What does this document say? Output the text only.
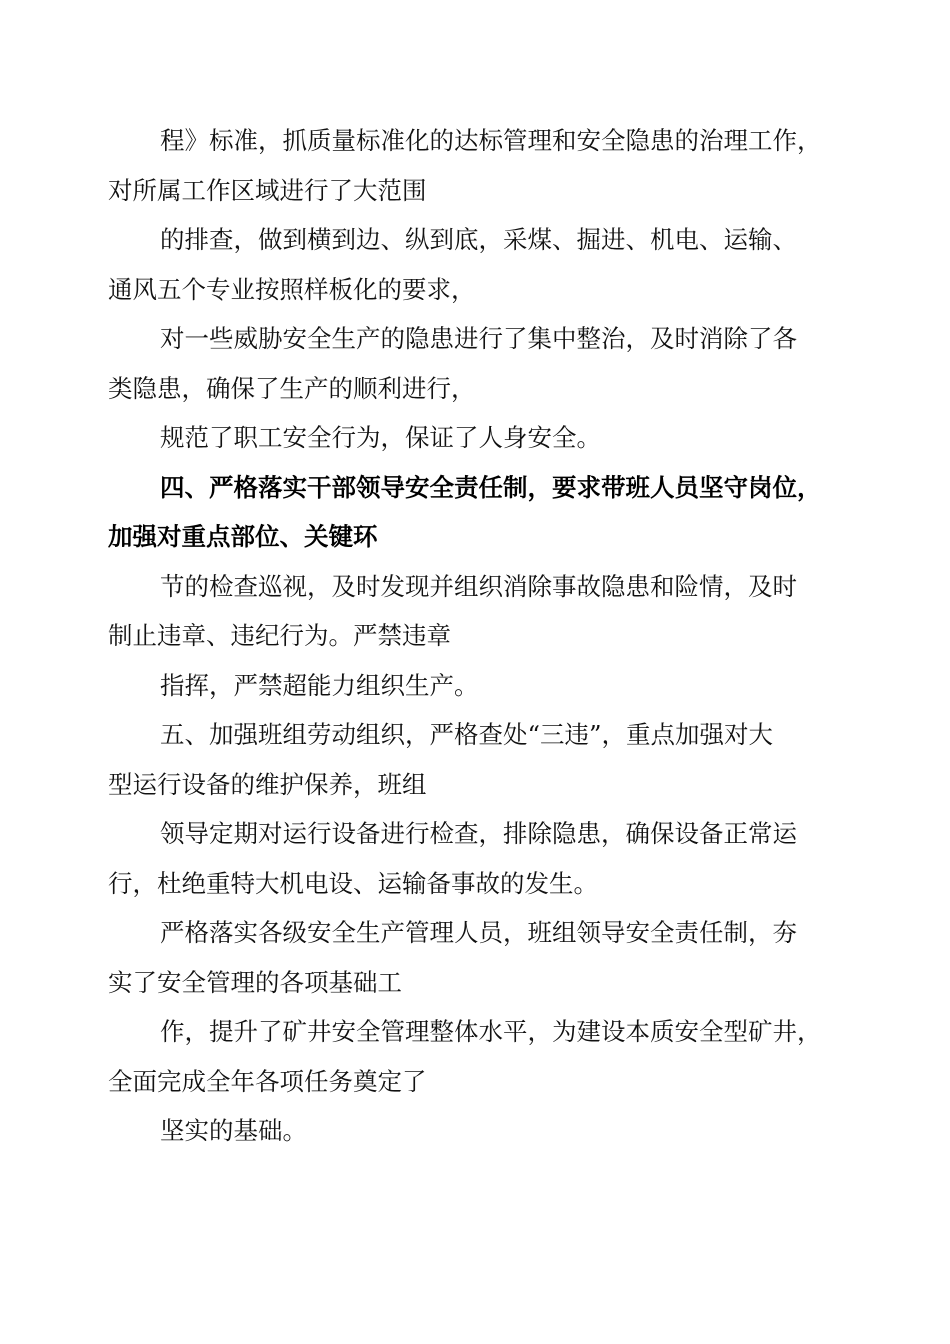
程》标准，抓质量标准化的达标管理和安全隐患的治理工作，
对所属工作区域进行了大范围

的排查，做到横到边、纵到底，采煤、掘进、机电、运输、
通风五个专业按照样板化的要求，

对一些威胁安全生产的隐患进行了集中整治，及时消除了各
类隐患，确保了生产的顺利进行，

规范了职工安全行为，保证了人身安全。

四、严格落实干部领导安全责任制，要求带班人员坚守岗位，
加强对重点部位、关键环

节的检查巡视，及时发现并组织消除事故隐患和险情，及时
制止违章、违纪行为。严禁违章

指挥，严禁超能力组织生产。

五、加强班组劳动组织，严格查处“三违”，重点加强对大
型运行设备的维护保养，班组

领导定期对运行设备进行检查，排除隐患，确保设备正常运
行，杜绝重特大机电设、运输备事故的发生。

严格落实各级安全生产管理人员，班组领导安全责任制，夯
实了安全管理的各项基础工

作，提升了矿井安全管理整体水平，为建设本质安全型矿井，
全面完成全年各项任务奠定了

坚实的基础。
